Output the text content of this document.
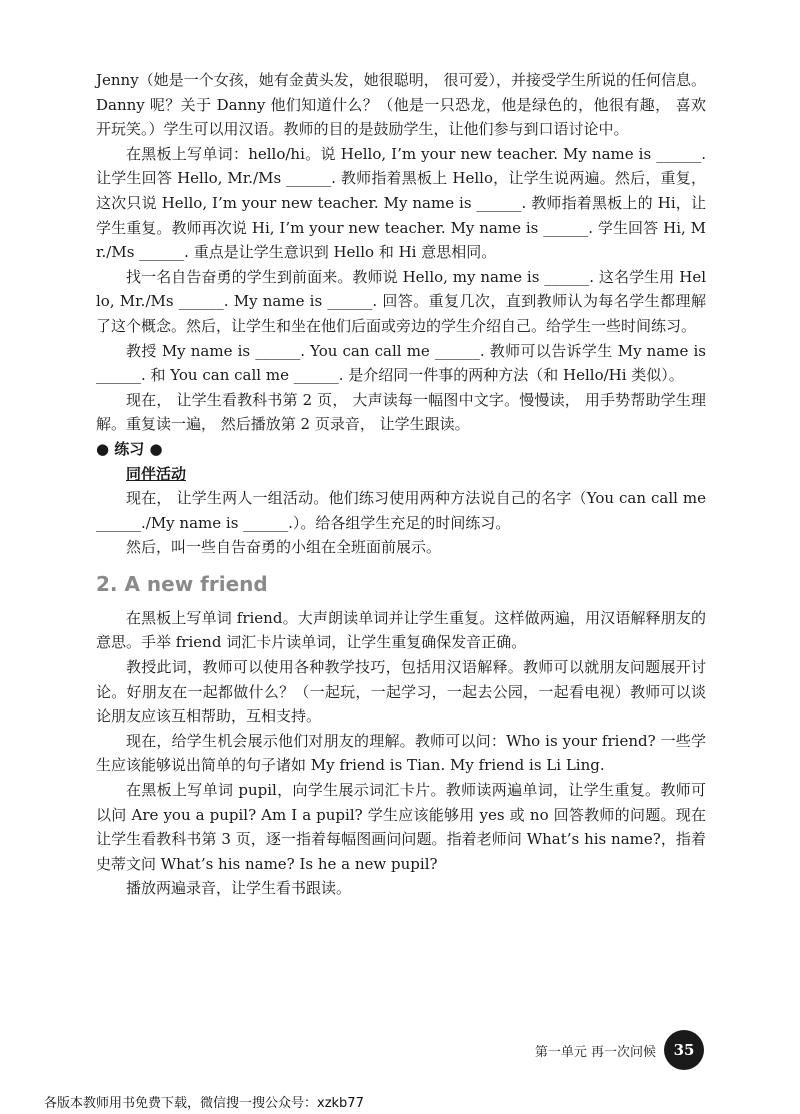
Jenny（她是一个女孩，她有金黄头发，她很聪明， 很可爱），并接受学生所说的任何信息。Danny 呢？关于 Danny 他们知道什么？（他是一只恐龙，他是绿色的，他很有趣， 喜欢开玩笑。）学生可以用汉语。教师的目的是鼓励学生，让他们参与到口语讨论中。

在黑板上写单词：hello/hi。说 Hello, I’m your new teacher. My name is ______. 让学生回答 Hello, Mr./Ms ______. 教师指着黑板上 Hello，让学生说两遍。然后，重复，这次只说 Hello, I’m your new teacher. My name is ______. 教师指着黑板上的 Hi，让学生重复。教师再次说 Hi, I’m your new teacher. My name is ______. 学生回答 Hi, Mr./Ms ______. 重点是让学生意识到 Hello 和 Hi 意思相同。

找一名自告奋勇的学生到前面来。教师说 Hello, my name is ______. 这名学生用 Hello, Mr./Ms ______. My name is ______. 回答。重复几次，直到教师认为每名学生都理解了这个概念。然后，让学生和坐在他们后面或旁边的学生介绍自己。给学生一些时间练习。

教授 My name is ______. You can call me ______. 教师可以告诉学生 My name is ______. 和 You can call me ______. 是介绍同一件事的两种方法（和 Hello/Hi 类似）。

现在， 让学生看教科书第 2 页， 大声读每一幅图中文字。慢慢读， 用手势帮助学生理解。重复读一遍， 然后播放第 2 页录音， 让学生跟读。

● 练习 ●

同伴活动

现在， 让学生两人一组活动。他们练习使用两种方法说自己的名字（You can call me ______./My name is ______.）。给各组学生充足的时间练习。

然后，叫一些自告奋勇的小组在全班面前展示。

2. A new friend

在黑板上写单词 friend。大声朗读单词并让学生重复。这样做两遍，用汉语解释朋友的意思。手举 friend 词汇卡片读单词，让学生重复确保发音正确。

教授此词，教师可以使用各种教学技巧，包括用汉语解释。教师可以就朋友问题展开讨论。好朋友在一起都做什么？（一起玩，一起学习，一起去公园，一起看电视）教师可以谈论朋友应该互相帮助，互相支持。

现在，给学生机会展示他们对朋友的理解。教师可以问：Who is your friend? 一些学生应该能够说出简单的句子诸如 My friend is Tian. My friend is Li Ling.

在黑板上写单词 pupil，向学生展示词汇卡片。教师读两遍单词，让学生重复。教师可以问 Are you a pupil? Am I a pupil? 学生应该能够用 yes 或 no 回答教师的问题。现在让学生看教科书第 3 页，逐一指着每幅图画问问题。指着老师问 What’s his name?，指着史蒂文问 What’s his name? Is he a new pupil?

播放两遍录音，让学生看书跟读。

第一单元 再一次问候	35
各版本教师用书免费下载，微信搜一搜公众号：xzkb77
